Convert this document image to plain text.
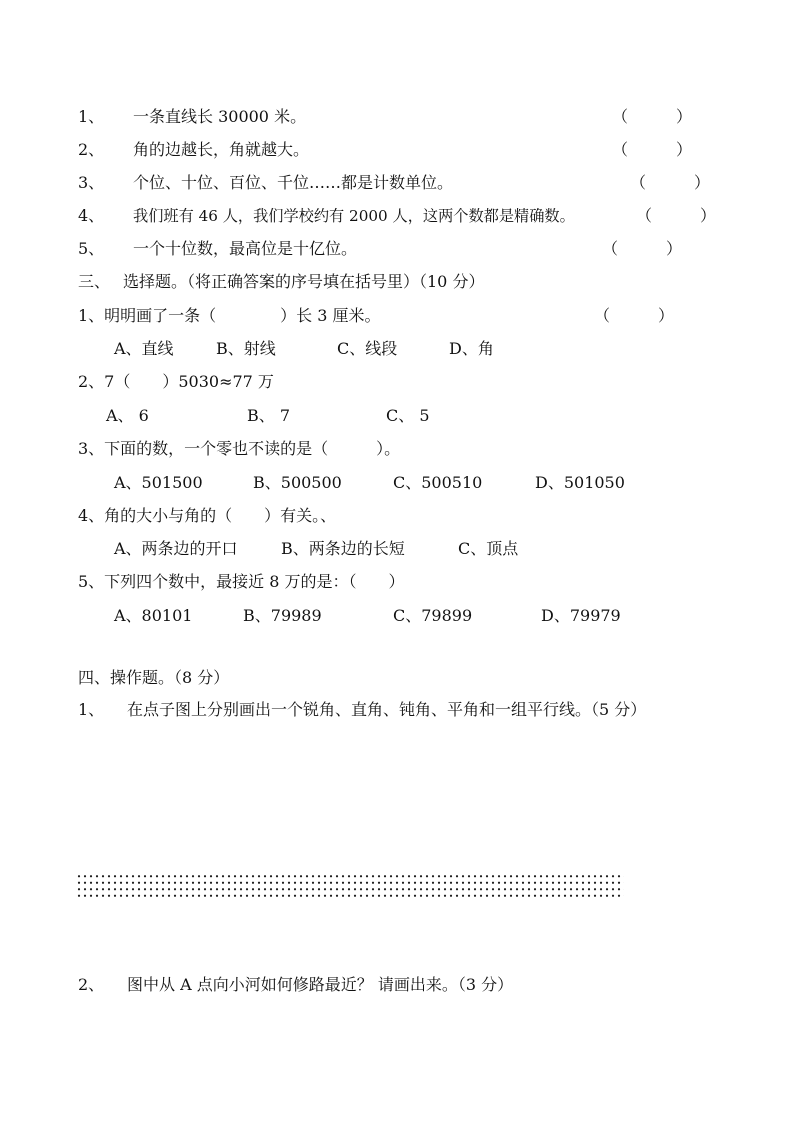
1、 一条直线长 30000 米。	（　　　）
2、 角的边越长，角就越大。	（　　　）
3、 个位、十位、百位、千位……都是计数单位。	（　　　）
4、 我们班有 46 人，我们学校约有 2000 人，这两个数都是精确数。	（　　　）
5、 一个十位数，最高位是十亿位。	（　　　）
三、 选择题。（将正确答案的序号填在括号里）（10 分）
1、明明画了一条（　　　　）长 3 厘米。	（　　　）
A、直线	B、射线	C、线段	D、角
2、7（　　）5030≈77 万
A、 6	B、 7	C、 5
3、下面的数，一个零也不读的是（　　　）。
A、501500	B、500500	C、500510	D、501050
4、角的大小与角的（　　）有关。、
A、两条边的开口	B、两条边的长短	C、顶点
5、下列四个数中，最接近 8 万的是：（　　）
A、80101	B、79989	C、79899	D、79979
四、操作题。（8 分）
1、 在点子图上分别画出一个锐角、直角、钝角、平角和一组平行线。（5 分）
2、 图中从 A 点向小河如何修路最近？ 请画出来。（3 分）
